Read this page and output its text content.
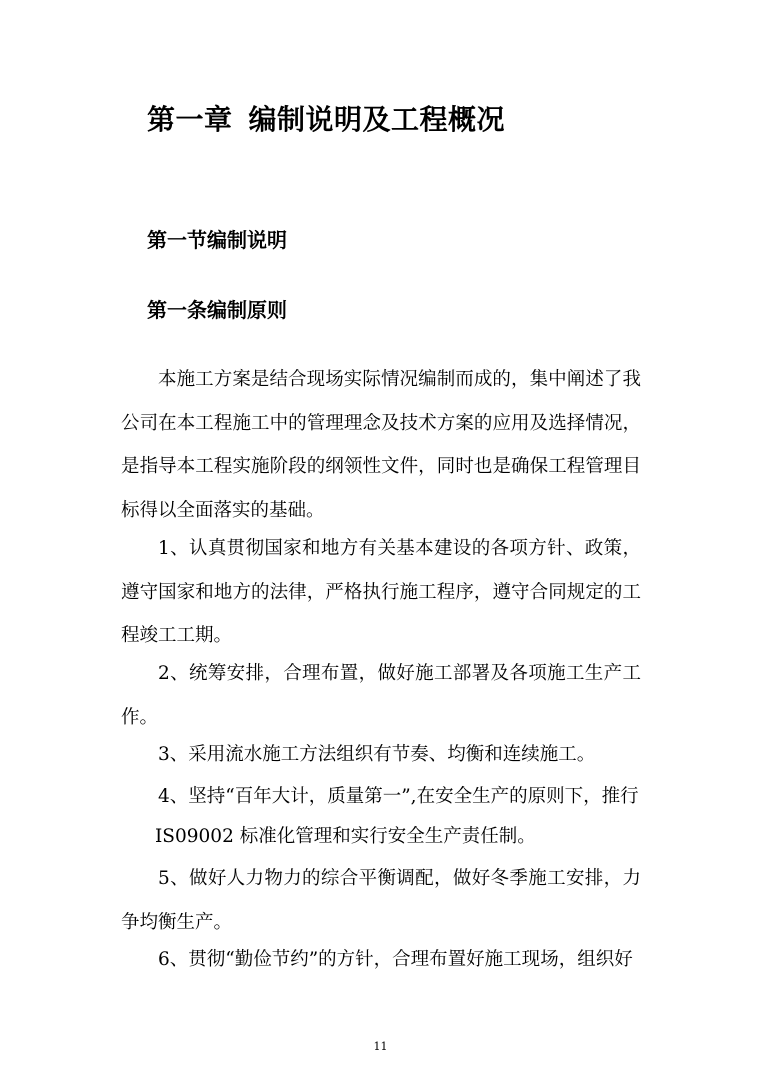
第一章 编制说明及工程概况
第一节编制说明
第一条编制原则
本施工方案是结合现场实际情况编制而成的，集中阐述了我公司在本工程施工中的管理理念及技术方案的应用及选择情况，是指导本工程实施阶段的纲领性文件，同时也是确保工程管理目标得以全面落实的基础。
1、认真贯彻国家和地方有关基本建设的各项方针、政策，遵守国家和地方的法律，严格执行施工程序，遵守合同规定的工程竣工工期。
2、统筹安排，合理布置，做好施工部署及各项施工生产工作。
3、采用流水施工方法组织有节奏、均衡和连续施工。
4、坚持“百年大计，质量第一”,在安全生产的原则下，推行
IS09002 标准化管理和实行安全生产责任制。
5、做好人力物力的综合平衡调配，做好冬季施工安排，力争均衡生产。
6、贯彻“勤俭节约”的方针，合理布置好施工现场，组织好
11
